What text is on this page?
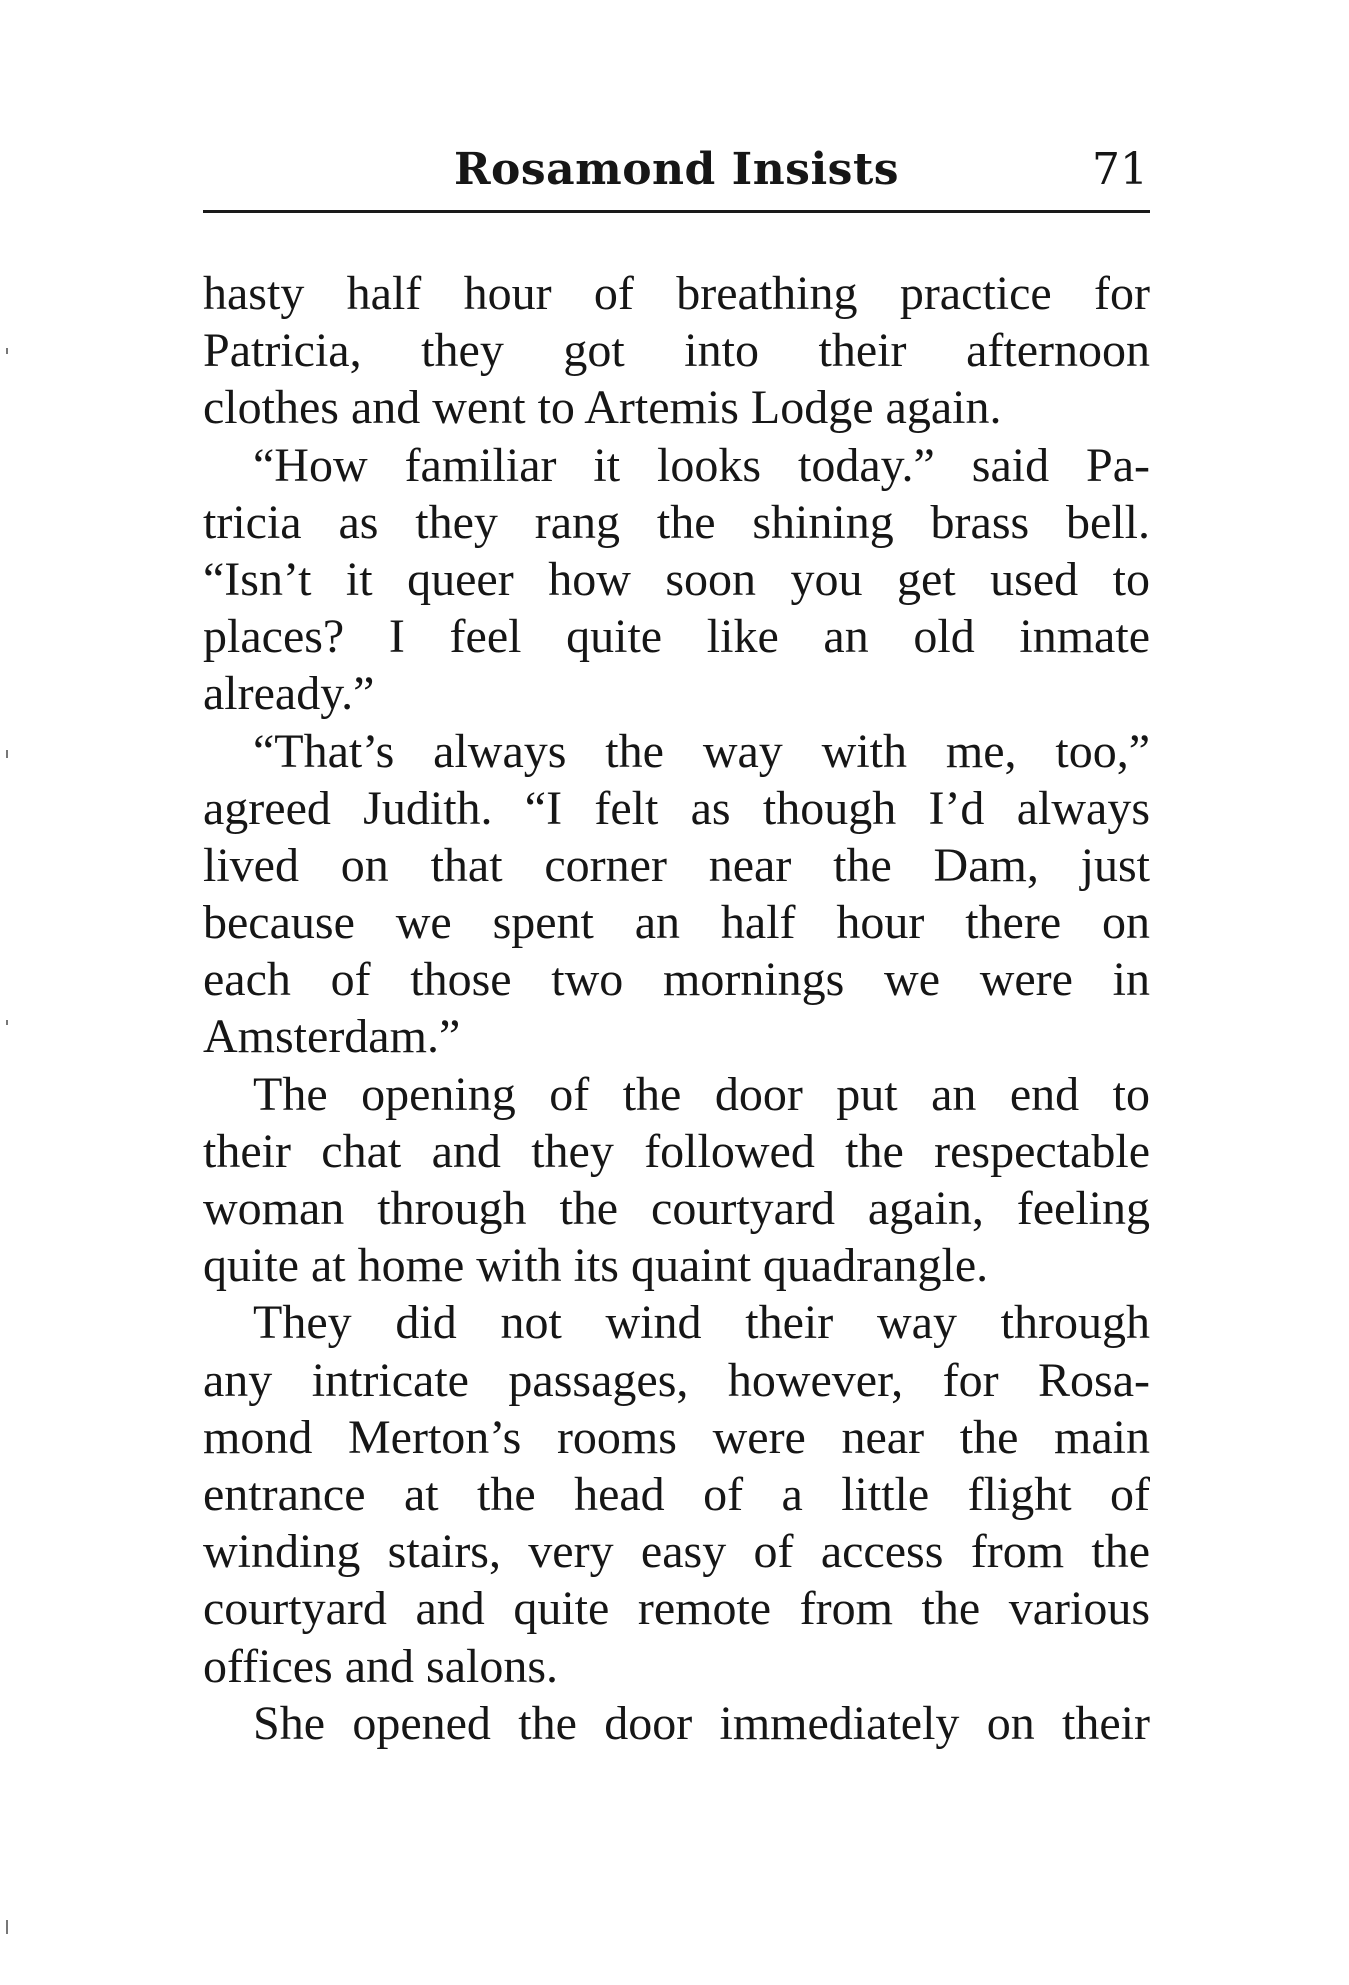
Rosamond Insists	71
hasty half hour of breathing practice for
Patricia, they got into their afternoon
clothes and went to Artemis Lodge again.
“How familiar it looks today.” said Pa-
tricia as they rang the shining brass bell.
“Isn’t it queer how soon you get used to
places? I feel quite like an old inmate
already.”
“That’s always the way with me, too,”
agreed Judith. “I felt as though I’d always
lived on that corner near the Dam, just
because we spent an half hour there on
each of those two mornings we were in
Amsterdam.”
The opening of the door put an end to
their chat and they followed the respectable
woman through the courtyard again, feeling
quite at home with its quaint quadrangle.
They did not wind their way through
any intricate passages, however, for Rosa-
mond Merton’s rooms were near the main
entrance at the head of a little flight of
winding stairs, very easy of access from the
courtyard and quite remote from the various
offices and salons.
She opened the door immediately on their
